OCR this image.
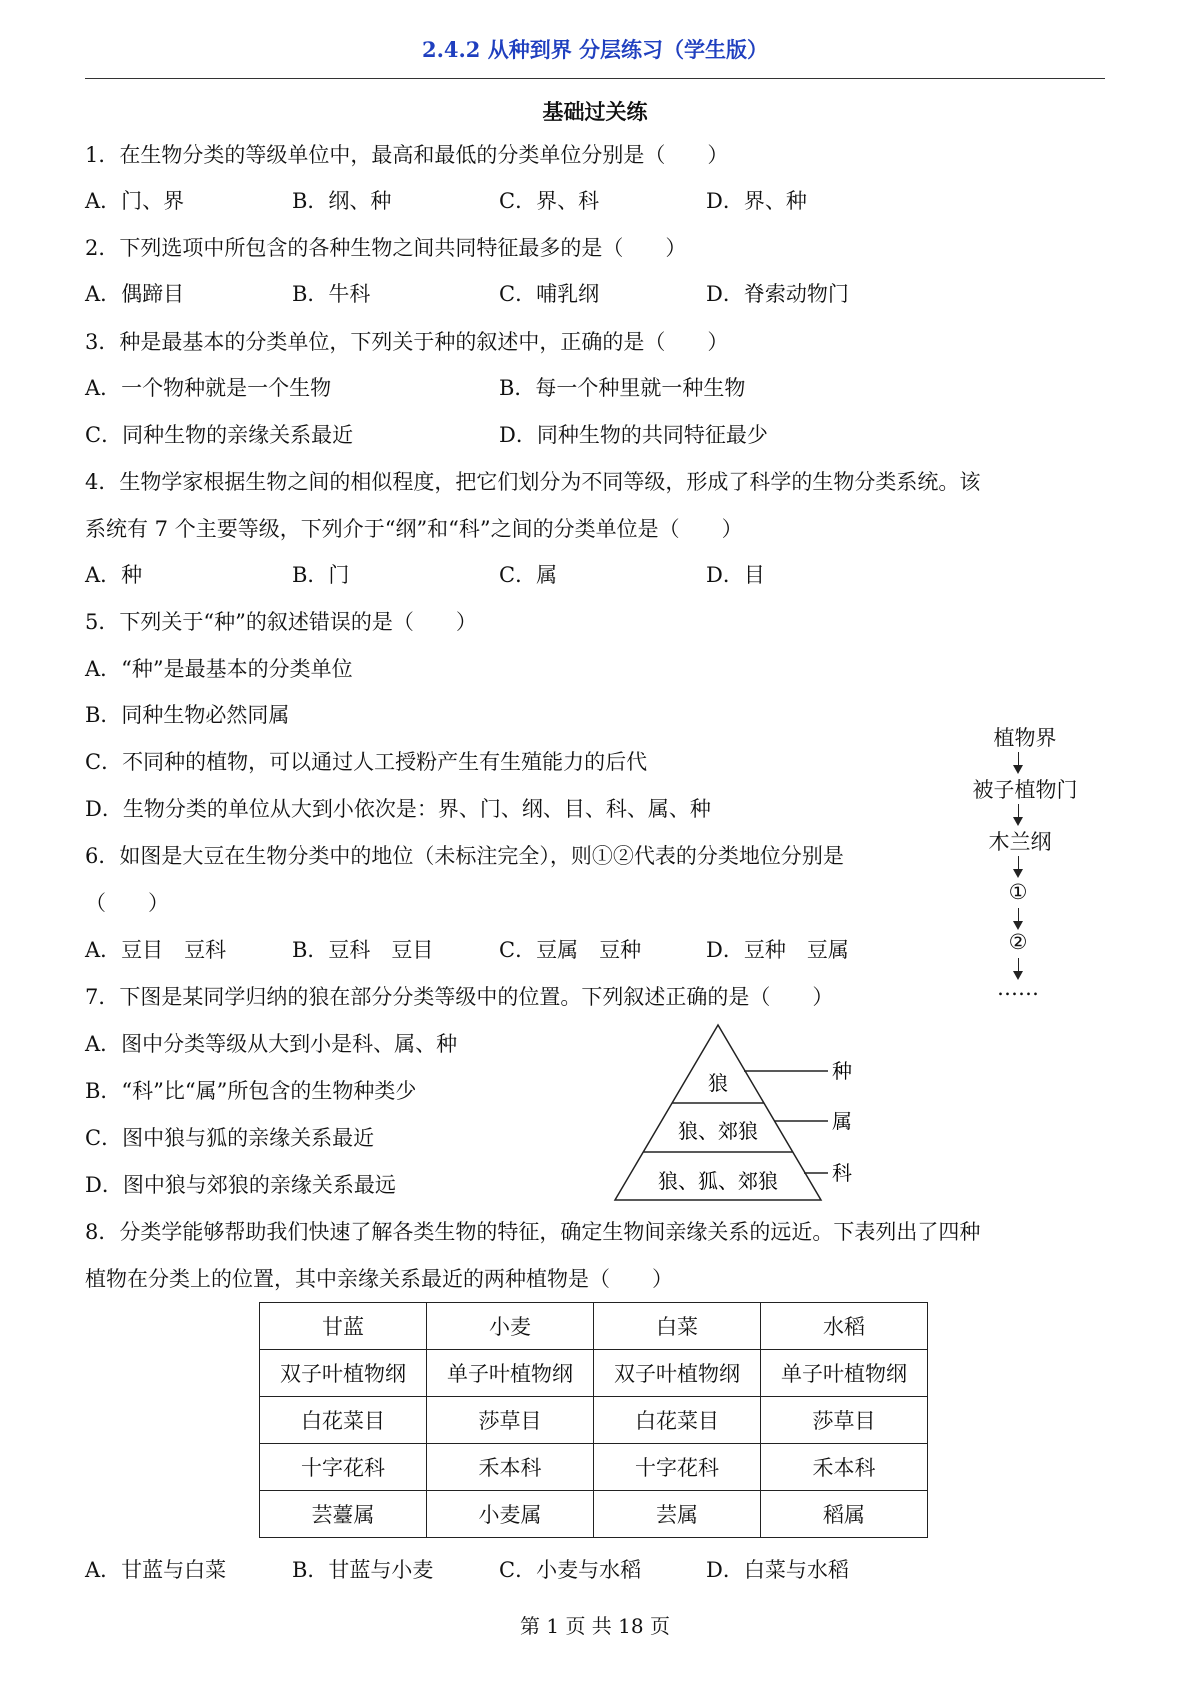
2.4.2 从种到界 分层练习（学生版）
基础过关练
1．在生物分类的等级单位中，最高和最低的分类单位分别是（　　）
A．门、界	B．纲、种	C．界、科	D．界、种
2．下列选项中所包含的各种生物之间共同特征最多的是（　　）
A．偶蹄目	B．牛科	C．哺乳纲	D．脊索动物门
3．种是最基本的分类单位，下列关于种的叙述中，正确的是（　　）
A．一个物种就是一个生物	B．每一个种里就一种生物
C．同种生物的亲缘关系最近	D．同种生物的共同特征最少
4．生物学家根据生物之间的相似程度，把它们划分为不同等级，形成了科学的生物分类系统。该
系统有 7 个主要等级，下列介于“纲”和“科”之间的分类单位是（　　）
A．种	B．门	C．属	D．目
5．下列关于“种”的叙述错误的是（　　）
A．“种”是最基本的分类单位
B．同种生物必然同属
C．不同种的植物，可以通过人工授粉产生有生殖能力的后代
D．生物分类的单位从大到小依次是：界、门、纲、目、科、属、种
植物界
被子植物门
木兰纲
①
②
……
6．如图是大豆在生物分类中的地位（未标注完全），则①②代表的分类地位分别是
（　　）
A．豆目　豆科	B．豆科　豆目	C．豆属　豆种	D．豆种　豆属
7．下图是某同学归纳的狼在部分分类等级中的位置。下列叙述正确的是（　　）
A．图中分类等级从大到小是科、属、种
B．“科”比“属”所包含的生物种类少
C．图中狼与狐的亲缘关系最近
D．图中狼与郊狼的亲缘关系最远
狼
狼、郊狼
狼、狐、郊狼
种
属
科
8．分类学能够帮助我们快速了解各类生物的特征，确定生物间亲缘关系的远近。下表列出了四种
植物在分类上的位置，其中亲缘关系最近的两种植物是（　　）
甘蓝	小麦	白菜	水稻
双子叶植物纲	单子叶植物纲	双子叶植物纲	单子叶植物纲
白花菜目	莎草目	白花菜目	莎草目
十字花科	禾本科	十字花科	禾本科
芸薹属	小麦属	芸属	稻属
A．甘蓝与白菜	B．甘蓝与小麦	C．小麦与水稻	D．白菜与水稻
第 1 页 共 18 页
